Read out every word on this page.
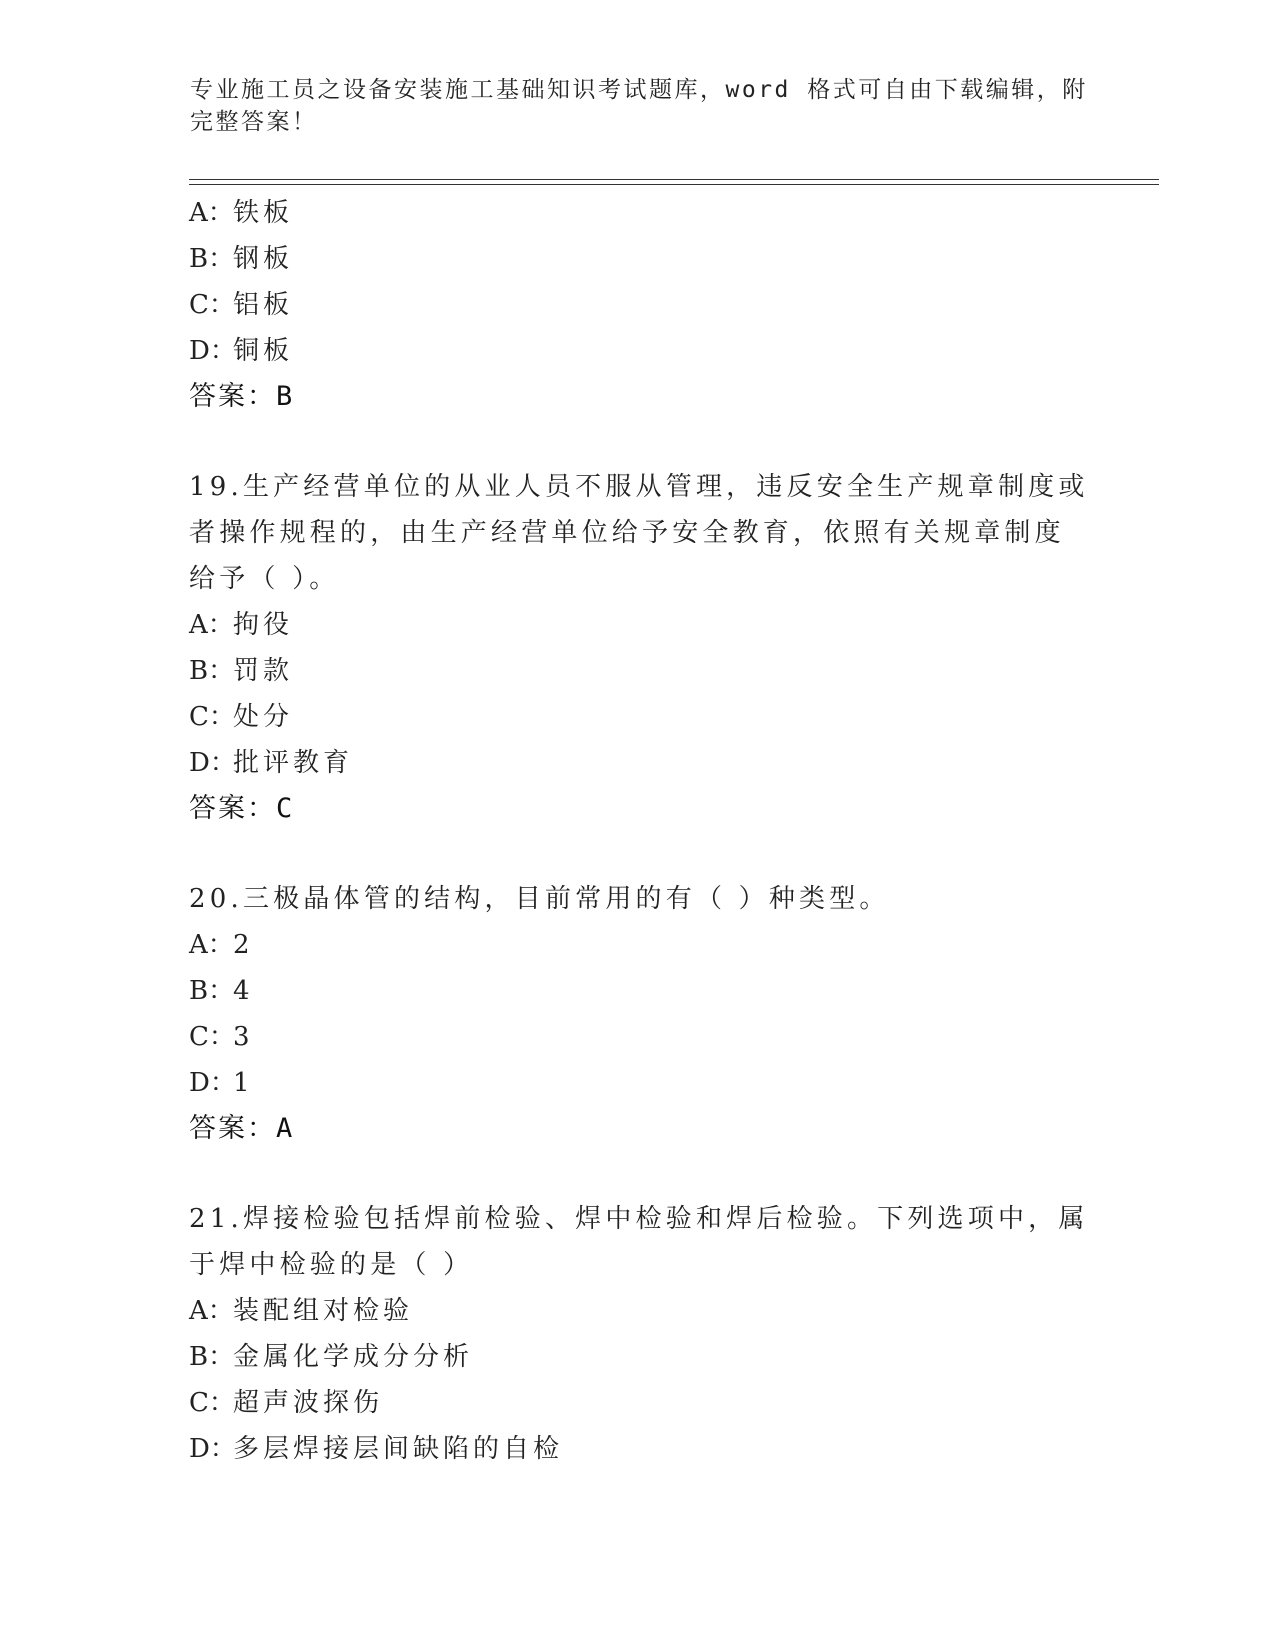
专业施工员之设备安装施工基础知识考试题库，word 格式可自由下载编辑，附完整答案！
A：铁板
B：钢板
C：铝板
D：铜板
答案：B
19.生产经营单位的从业人员不服从管理，违反安全生产规章制度或者操作规程的，由生产经营单位给予安全教育，依照有关规章制度给予（ ）。
A：拘役
B：罚款
C：处分
D：批评教育
答案：C
20.三极晶体管的结构，目前常用的有（ ）种类型。
A：2
B：4
C：3
D：1
答案：A
21.焊接检验包括焊前检验、焊中检验和焊后检验。下列选项中，属于焊中检验的是（ ）
A：装配组对检验
B：金属化学成分分析
C：超声波探伤
D：多层焊接层间缺陷的自检
